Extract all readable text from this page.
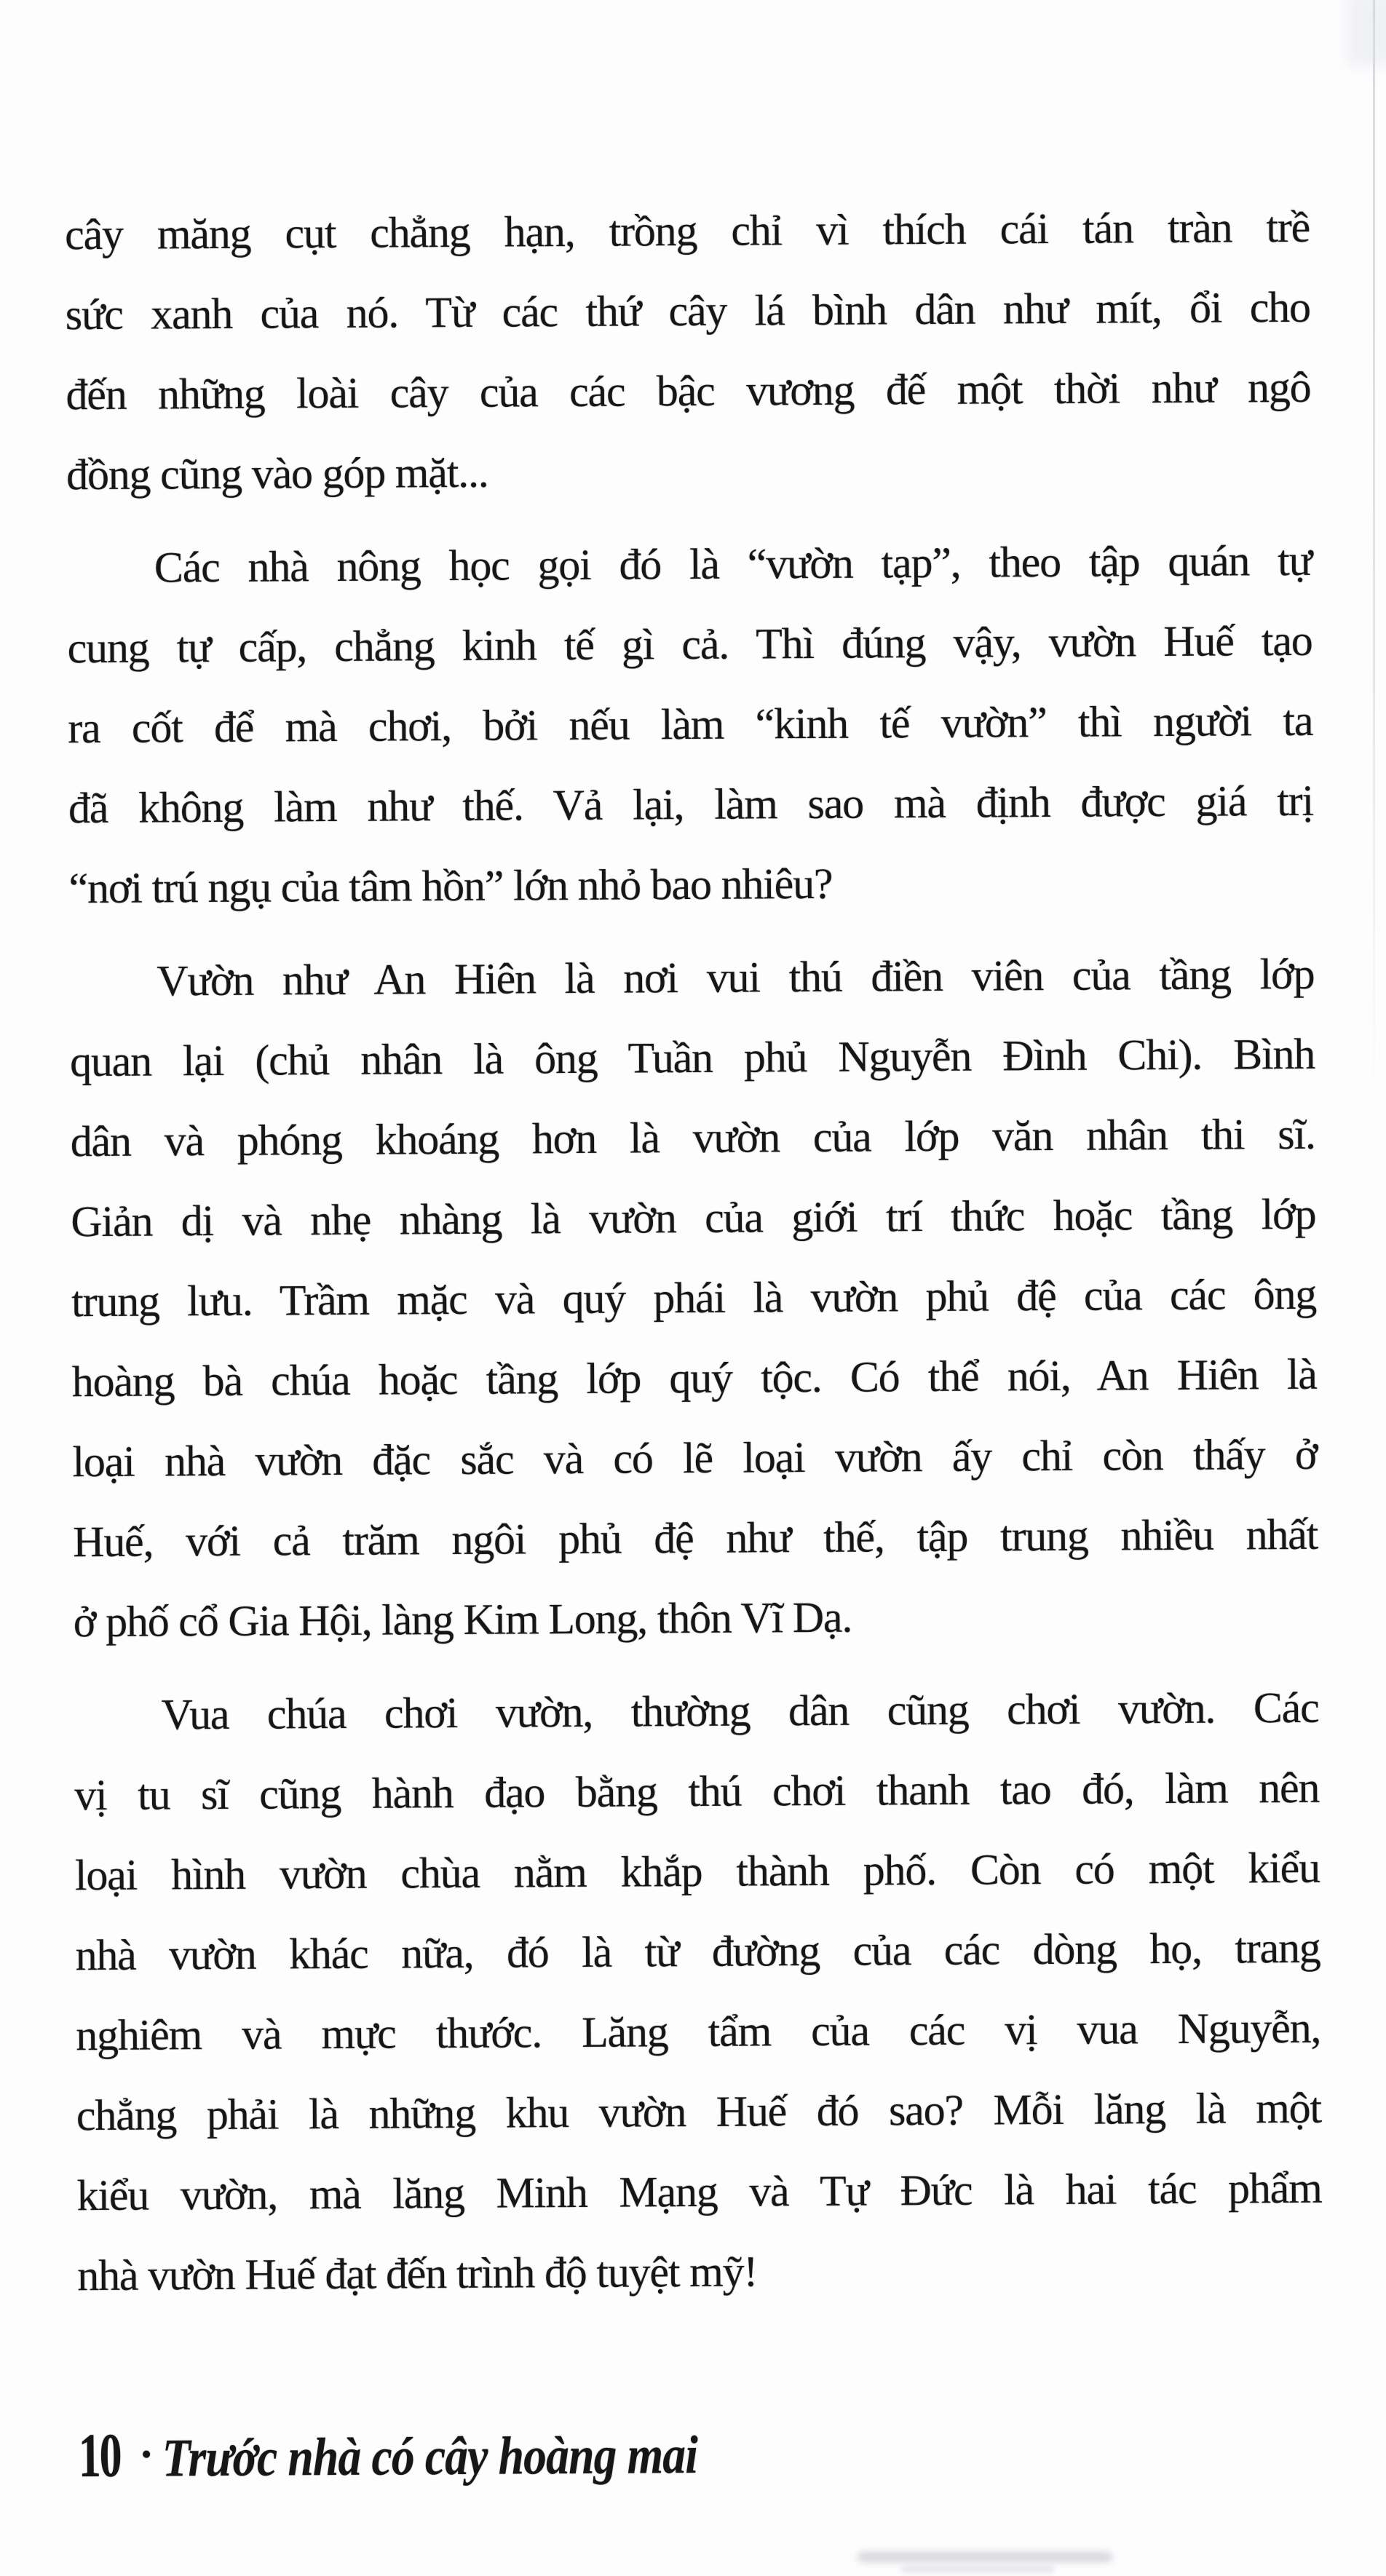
cây măng cụt chẳng hạn, trồng chỉ vì thích cái tán tràn trề
sức xanh của nó. Từ các thứ cây lá bình dân như mít, ổi cho
đến những loài cây của các bậc vương đế một thời như ngô
đồng cũng vào góp mặt...
Các nhà nông học gọi đó là “vườn tạp”, theo tập quán tự
cung tự cấp, chẳng kinh tế gì cả. Thì đúng vậy, vườn Huế tạo
ra cốt để mà chơi, bởi nếu làm “kinh tế vườn” thì người ta
đã không làm như thế. Vả lại, làm sao mà định được giá trị
“nơi trú ngụ của tâm hồn” lớn nhỏ bao nhiêu?
Vườn như An Hiên là nơi vui thú điền viên của tầng lớp
quan lại (chủ nhân là ông Tuần phủ Nguyễn Đình Chi). Bình
dân và phóng khoáng hơn là vườn của lớp văn nhân thi sĩ.
Giản dị và nhẹ nhàng là vườn của giới trí thức hoặc tầng lớp
trung lưu. Trầm mặc và quý phái là vườn phủ đệ của các ông
hoàng bà chúa hoặc tầng lớp quý tộc. Có thể nói, An Hiên là
loại nhà vườn đặc sắc và có lẽ loại vườn ấy chỉ còn thấy ở
Huế, với cả trăm ngôi phủ đệ như thế, tập trung nhiều nhất
ở phố cổ Gia Hội, làng Kim Long, thôn Vĩ Dạ.
Vua chúa chơi vườn, thường dân cũng chơi vườn. Các
vị tu sĩ cũng hành đạo bằng thú chơi thanh tao đó, làm nên
loại hình vườn chùa nằm khắp thành phố. Còn có một kiểu
nhà vườn khác nữa, đó là từ đường của các dòng họ, trang
nghiêm và mực thước. Lăng tẩm của các vị vua Nguyễn,
chẳng phải là những khu vườn Huế đó sao? Mỗi lăng là một
kiểu vườn, mà lăng Minh Mạng và Tự Đức là hai tác phẩm
nhà vườn Huế đạt đến trình độ tuyệt mỹ!
10 • Trước nhà có cây hoàng mai
